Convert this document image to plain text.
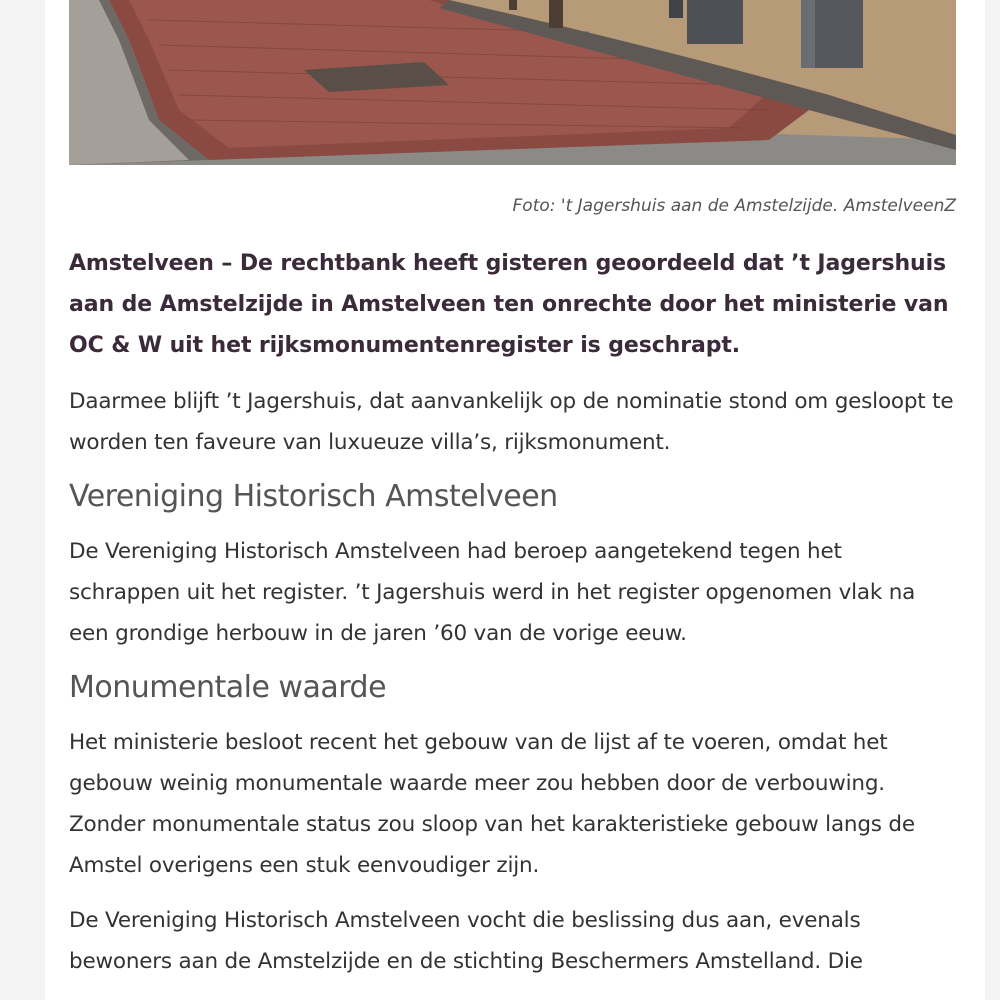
Foto: 't Jagershuis aan de Amstelzijde. AmstelveenZ

Amstelveen – De rechtbank heeft gisteren geoordeeld dat ’t Jagershuis aan de Amstelzijde in Amstelveen ten onrechte door het ministerie van OC & W uit het rijksmonumentenregister is geschrapt.

Daarmee blijft ’t Jagershuis, dat aanvankelijk op de nominatie stond om gesloopt te worden ten faveure van luxueuze villa’s, rijksmonument.

Vereniging Historisch Amstelveen

De Vereniging Historisch Amstelveen had beroep aangetekend tegen het schrappen uit het register. ’t Jagershuis werd in het register opgenomen vlak na een grondige herbouw in de jaren ’60 van de vorige eeuw.

Monumentale waarde

Het ministerie besloot recent het gebouw van de lijst af te voeren, omdat het gebouw weinig monumentale waarde meer zou hebben door de verbouwing. Zonder monumentale status zou sloop van het karakteristieke gebouw langs de Amstel overigens een stuk eenvoudiger zijn.

De Vereniging Historisch Amstelveen vocht die beslissing dus aan, evenals bewoners aan de Amstelzijde en de stichting Beschermers Amstelland. Die
